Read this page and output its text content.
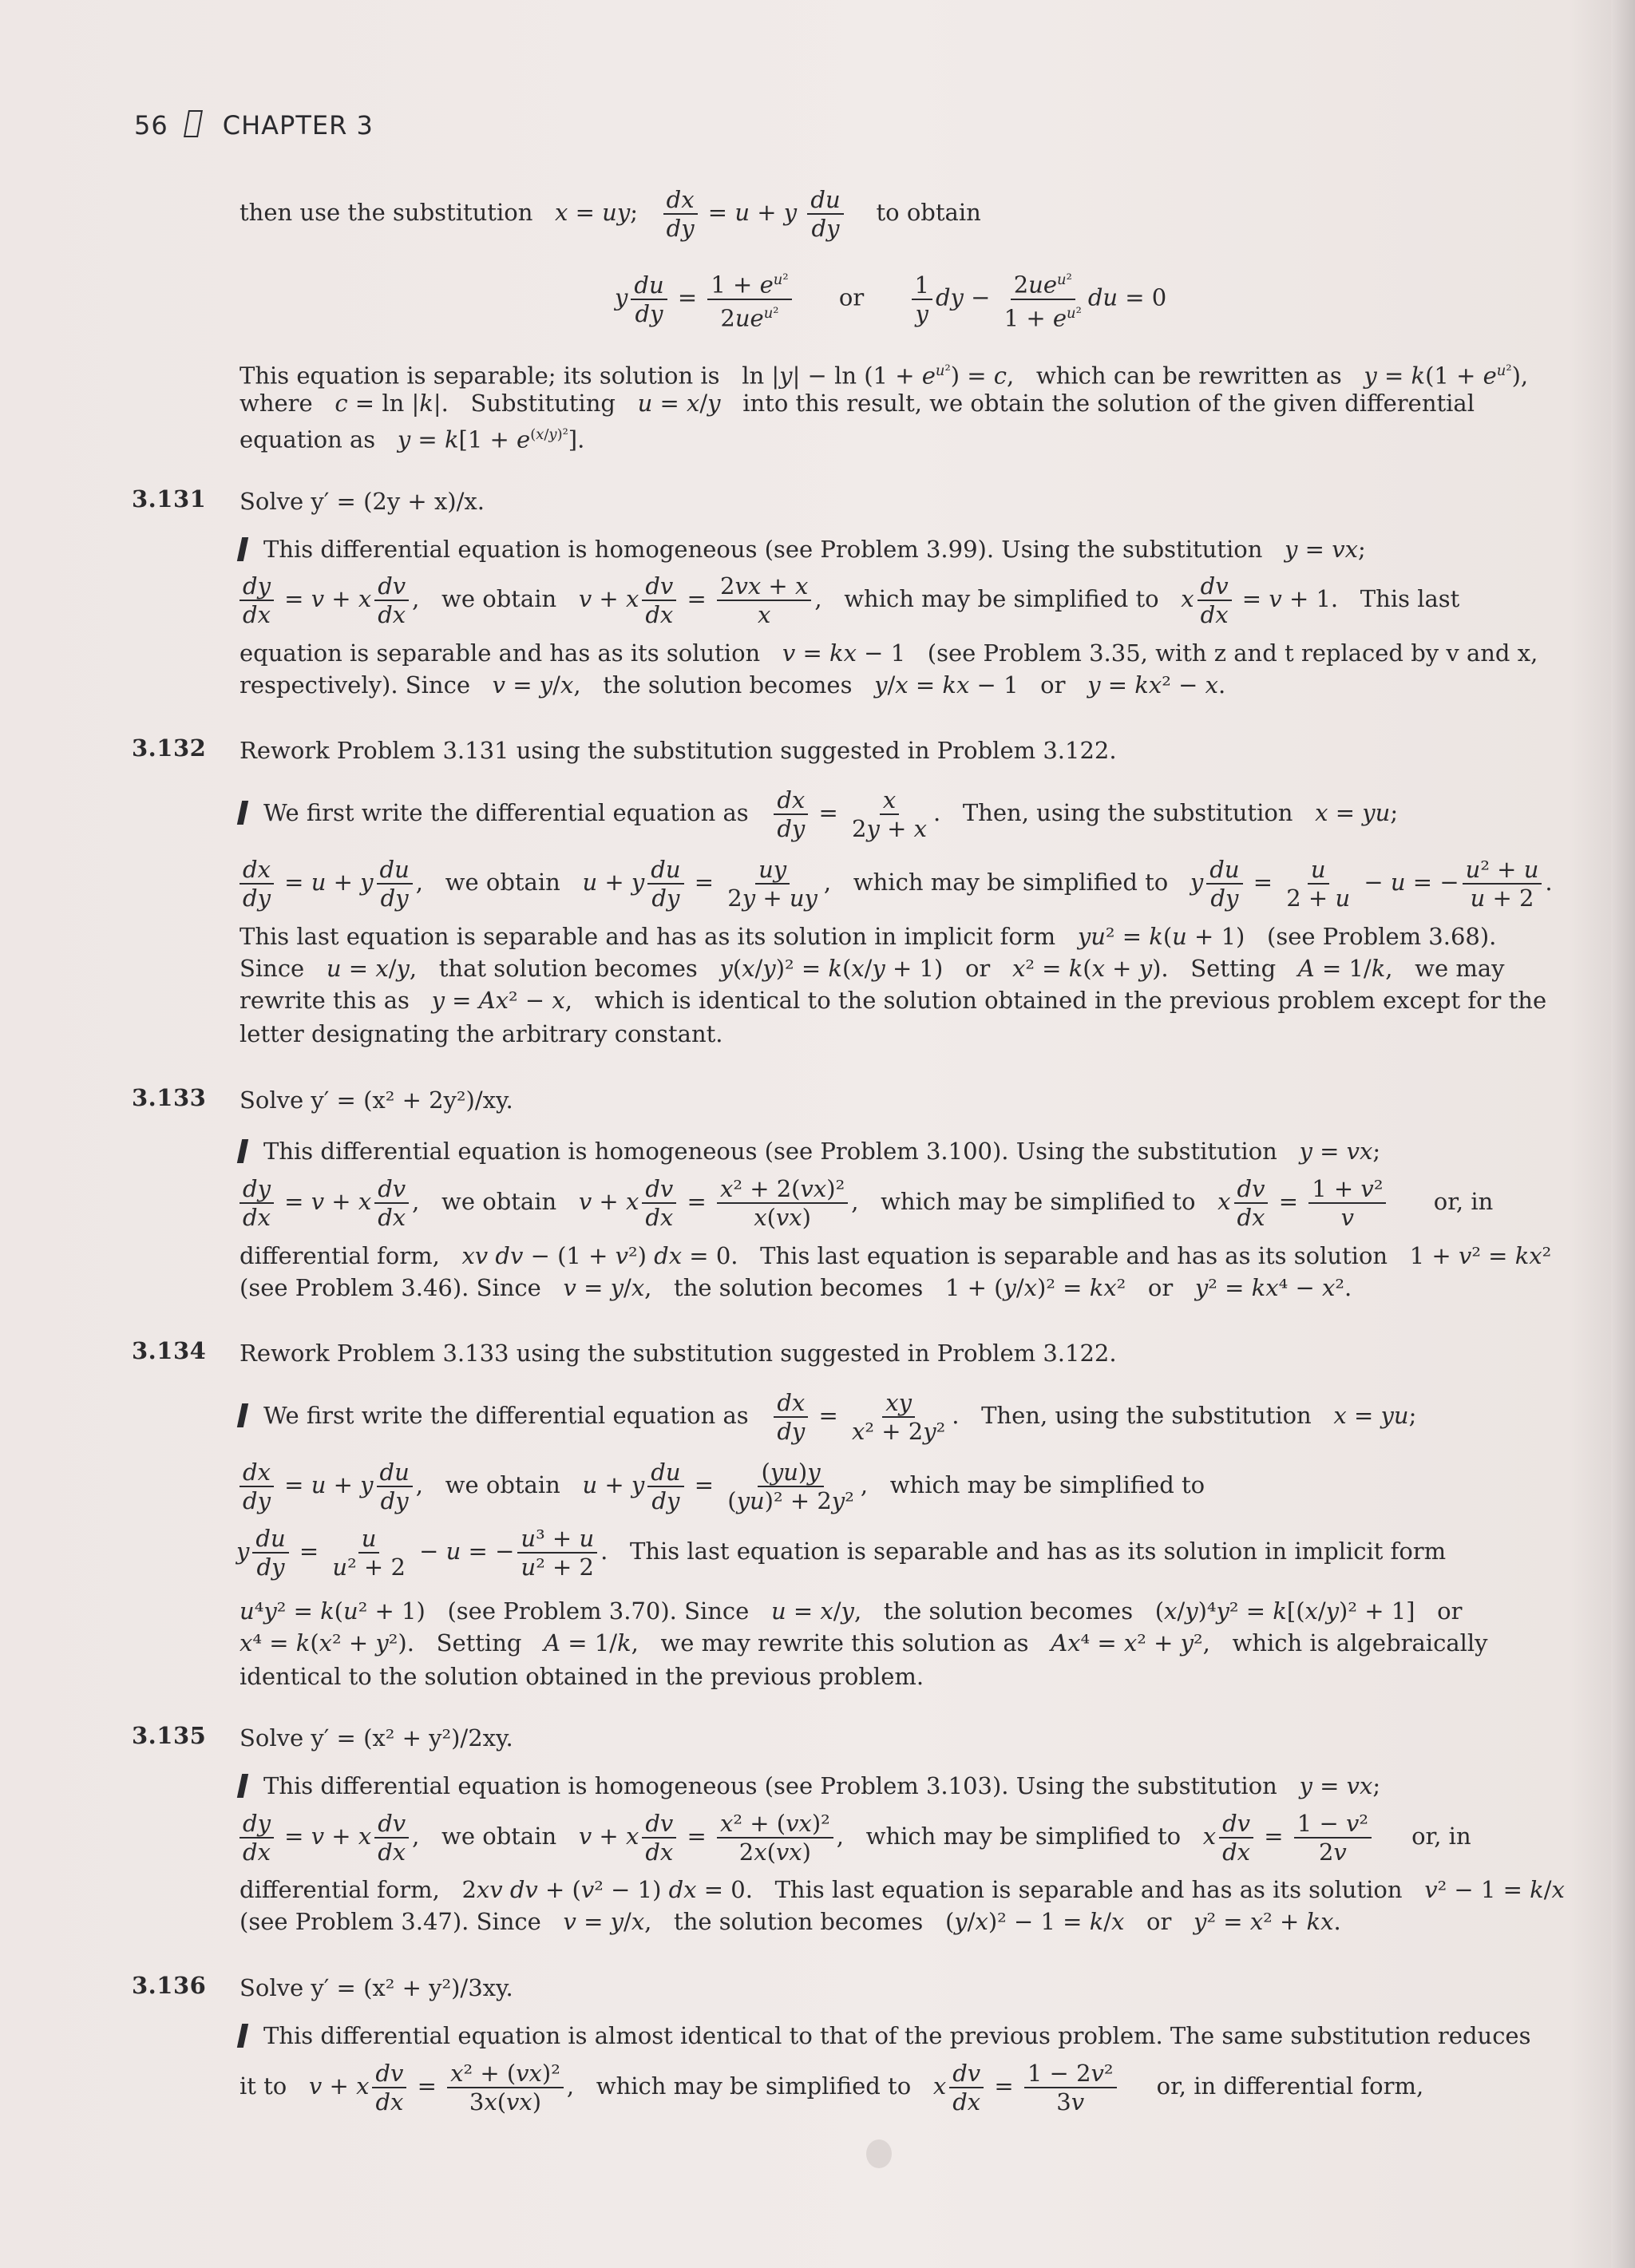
56 CHAPTER 3
then use the substitution x = uy; $\frac{dx}{dy} = u + y \frac{du}{dy}$ to obtain
y $\frac{du}{dy} = 1 + e^{u^2}$
$2ue^{u^2}$
or $\frac{1}{y}$ dy − $2ue^{u^2}$
$1 + e^{u^2}$
du = 0
This equation is separable; its solution is   $\ln |y| - \ln (1 + e^{u^2}) = c$,   which can be rewritten as $y = k(1 + e^{u^2})$,
where c = ln |k|.   Substituting u = x/y into this result, we obtain the solution of the given differential
equation as $y = k[1 + e^{(x/y)^2}]$.
3.131 Solve y′ = (2y + x)/x.
This differential equation is homogeneous (see Problem 3.99). Using the substitution y = vx;
$\frac{dy}{dx} = v + x \frac{dv}{dx}$ ,   we obtain v + x $\frac{dv}{dx} = \frac{2vx + x}{x}$ ,   which may be simplified to x $\frac{dv}{dx} = v + 1$.   This last
equation is separable and has as its solution v = kx − 1   (see Problem 3.35, with z and t replaced by v and x,
respectively). Since v = y/x,   the solution becomes y/x = kx − 1   or   y = kx² − x.
3.132 Rework Problem 3.131 using the substitution suggested in Problem 3.122.
We first write the differential equation as $\frac{dx}{dy} = \frac{x}{2y + x}$ .   Then, using the substitution x = yu;
$\frac{dx}{dy} = u + y \frac{du}{dy}$ ,   we obtain u + y $\frac{du}{dy} = \frac{uy}{2y + uy}$ ,   which may be simplified to y $\frac{du}{dy} = \frac{u}{2 + u} - u$ = − $\frac{\text{u² + u}}{u + 2}$ .
This last equation is separable and has as its solution in implicit form yu² = k(u + 1)   (see Problem 3.68).
Since   u = x/y,   that solution becomes y(x/y)² = k(x/y + 1)   or   x² = k(x + y).   Setting A = 1/k,   we may
rewrite this as y = Ax² − x,   which is identical to the solution obtained in the previous problem except for the
letter designating the arbitrary constant.
3.133 Solve y′ = (x² + 2y²)/xy.
This differential equation is homogeneous (see Problem 3.100). Using the substitution y = vx;
$\frac{dy}{dx} = v + x \frac{dv}{dx}$ ,   we obtain v + x $\frac{dv}{dx} = \frac{\text{x² + 2(vx)²}}{x(vx)}$ ,   which may be simplified to x $\frac{dv}{dx} = \frac{\text{1 + v²}}{v}$ or, in
differential form, xv dv − (1 + v²) dx = 0.   This last equation is separable and has as its solution   1 + v² = kx²
(see Problem 3.46). Since v = y/x,   the solution becomes   1 + (y/x)² = kx²   or   y² = kx⁴ − x².
3.134 Rework Problem 3.133 using the substitution suggested in Problem 3.122.
We first write the differential equation as $\frac{dx}{dy} = \frac{xy}{\text{x² + 2y²}}$ .   Then, using the substitution x = yu;
$\frac{dx}{dy} = u + y \frac{du}{dy}$ ,   we obtain u + y $\frac{du}{dy} = \frac{(yu)y}{\text{(yu)² + 2y²}}$ ,   which may be simplified to
y $\frac{du}{dy} = \frac{u}{\text{u² + 2}} - u$ = − $\frac{\text{u³ + u}}{\text{u² + 2}}$ .   This last equation is separable and has as its solution in implicit form
u⁴y² = k(u² + 1)   (see Problem 3.70). Since u = x/y,   the solution becomes   (x/y)⁴y² = k[(x/y)² + 1]   or
x⁴ = k(x² + y²).   Setting A = 1/k,   we may rewrite this solution as Ax⁴ = x² + y²,   which is algebraically
identical to the solution obtained in the previous problem.
3.135 Solve y′ = (x² + y²)/2xy.
This differential equation is homogeneous (see Problem 3.103). Using the substitution y = vx;
$\frac{dy}{dx} = v + x \frac{dv}{dx}$ ,   we obtain v + x $\frac{dv}{dx} = \frac{\text{x² + (vx)²}}{2x(vx)}$ ,   which may be simplified to x $\frac{dv}{dx} = \frac{\text{1 − v²}}{2v}$ or, in
differential form,   2xv dv + (v² − 1) dx = 0.   This last equation is separable and has as its solution v² − 1 = k/x
(see Problem 3.47). Since v = y/x,   the solution becomes   (y/x)² − 1 = k/x   or   y² = x² + kx.
3.136 Solve y′ = (x² + y²)/3xy.
This differential equation is almost identical to that of the previous problem. The same substitution reduces
it to v + x $\frac{dv}{dx} = \frac{\text{x² + (vx)²}}{3x(vx)}$ ,   which may be simplified to x $\frac{dv}{dx} = \frac{\text{1 − 2v²}}{3v}$ or, in differential form,
